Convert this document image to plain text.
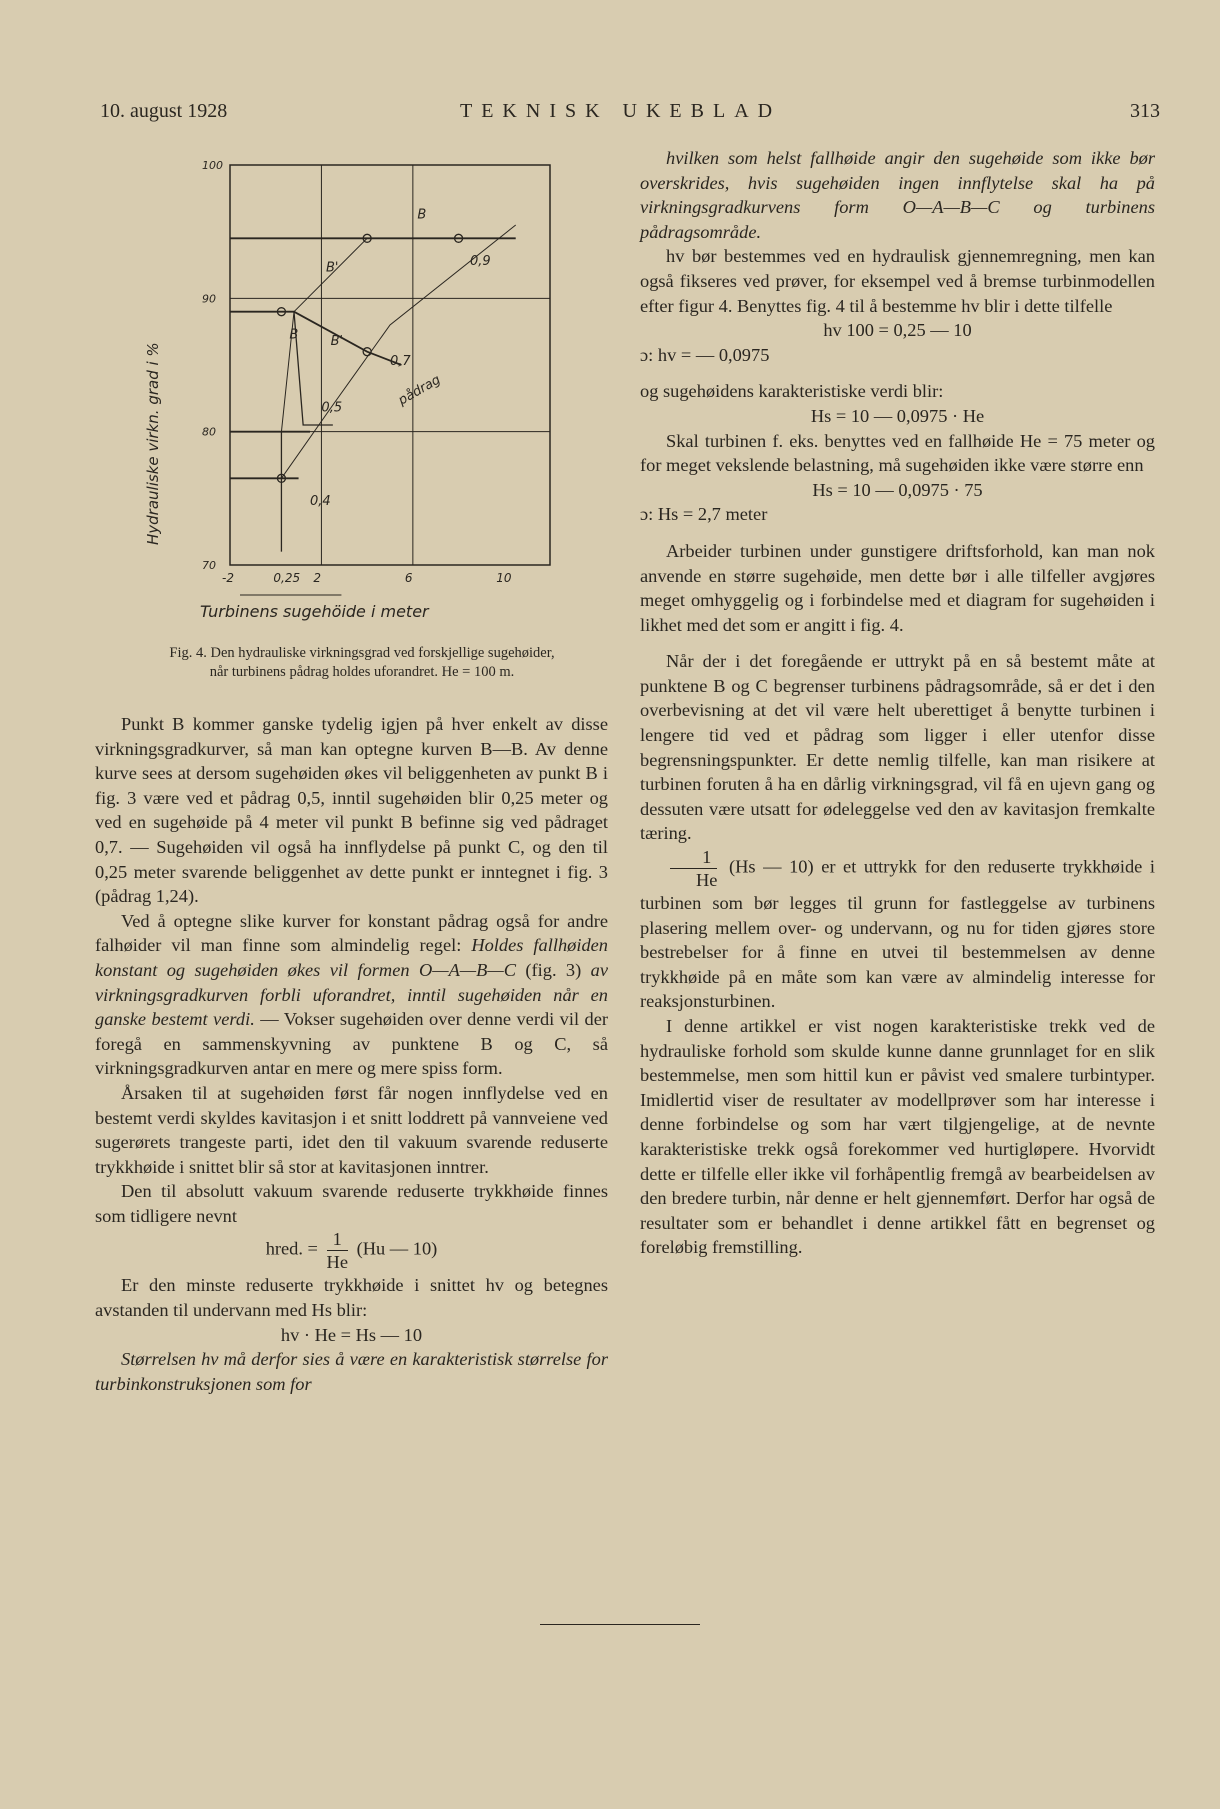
10. august 1928	TEKNISK UKEBLAD	313
100
90
80
70
-2	0,25 2	6	10
Hydrauliske virkn. grad i %
Turbinens sugehöide i meter
B
B'
B
B'
0,9
0,7
0,5
0,4
pådrag
Fig. 4. Den hydrauliske virkningsgrad ved forskjellige sugehøider,
når turbinens pådrag holdes uforandret. He = 100 m.

Punkt B kommer ganske tydelig igjen på hver enkelt av disse virkningsgradkurver, så man kan optegne kurven B—B. Av denne kurve sees at dersom sugehøiden økes vil beliggenheten av punkt B i fig. 3 være ved et pådrag 0,5, inntil sugehøiden blir 0,25 meter og ved en sugehøide på 4 meter vil punkt B befinne sig ved pådraget 0,7. — Sugehøiden vil også ha innflydelse på punkt C, og den til 0,25 meter svarende beliggenhet av dette punkt er inntegnet i fig. 3 (pådrag 1,24).

Ved å optegne slike kurver for konstant pådrag også for andre falhøider vil man finne som almindelig regel: Holdes fallhøiden konstant og sugehøiden økes vil formen O—A—B—C (fig. 3) av virkningsgradkurven forbli uforandret, inntil sugehøiden når en ganske bestemt verdi. — Vokser sugehøiden over denne verdi vil der foregå en sammenskyvning av punktene B og C, så virkningsgradkurven antar en mere og mere spiss form.

Årsaken til at sugehøiden først får nogen innflydelse ved en bestemt verdi skyldes kavitasjon i et snitt loddrett på vannveiene ved sugerørets trangeste parti, idet den til vakuum svarende reduserte trykkhøide i snittet blir så stor at kavitasjonen inntrer.

Den til absolutt vakuum svarende reduserte trykkhøide finnes som tidligere nevnt

hred. = $\frac{1}{He} (Hu$ — 10)

Er den minste reduserte trykkhøide i snittet hv og betegnes avstanden til undervann med Hs blir:

hv · He = Hs — 10

Størrelsen hv må derfor sies å være en karakteristisk størrelse for turbinkonstruksjonen som for

hvilken som helst fallhøide angir den sugehøide som ikke bør overskrides, hvis sugehøiden ingen innflytelse skal ha på virkningsgradkurvens form O—A—B—C og turbinens pådragsområde.

hv bør bestemmes ved en hydraulisk gjennemregning, men kan også fikseres ved prøver, for eksempel ved å bremse turbinmodellen efter figur 4. Benyttes fig. 4 til å bestemme hv blir i dette tilfelle

hv 100 = 0,25 — 10

ɔ: hv = — 0,0975

og sugehøidens karakteristiske verdi blir:

Hs = 10 — 0,0975 · He

Skal turbinen f. eks. benyttes ved en fallhøide He = 75 meter og for meget vekslende belastning, må sugehøiden ikke være større enn

Hs = 10 — 0,0975 · 75

ɔ: Hs = 2,7 meter

Arbeider turbinen under gunstigere driftsforhold, kan man nok anvende en større sugehøide, men dette bør i alle tilfeller avgjøres meget omhyggelig og i forbindelse med et diagram for sugehøiden i likhet med det som er angitt i fig. 4.

Når der i det foregående er uttrykt på en så bestemt måte at punktene B og C begrenser turbinens pådragsområde, så er det i den overbevisning at det vil være helt uberettiget å benytte turbinen i lengere tid ved et pådrag som ligger i eller utenfor disse begrensningspunkter. Er dette nemlig tilfelle, kan man risikere at turbinen foruten å ha en dårlig virkningsgrad, vil få en ujevn gang og dessuten være utsatt for ødeleggelse ved den av kavitasjon fremkalte tæring.

$\frac{1}{He} (Hs$ — 10) er et uttrykk for den reduserte trykkhøide i turbinen som bør legges til grunn for fastleggelse av turbinens plasering mellem over- og undervann, og nu for tiden gjøres store bestrebelser for å finne en utvei til bestemmelsen av denne trykkhøide på en måte som kan være av almindelig interesse for reaksjonsturbinen.

I denne artikkel er vist nogen karakteristiske trekk ved de hydrauliske forhold som skulde kunne danne grunnlaget for en slik bestemmelse, men som hittil kun er påvist ved smalere turbintyper. Imidlertid viser de resultater av modellprøver som har interesse i denne forbindelse og som har vært tilgjengelige, at de nevnte karakteristiske trekk også forekommer ved hurtigløpere. Hvorvidt dette er tilfelle eller ikke vil forhåpentlig fremgå av bearbeidelsen av den bredere turbin, når denne er helt gjennemført. Derfor har også de resultater som er behandlet i denne artikkel fått en begrenset og foreløbig fremstilling.
